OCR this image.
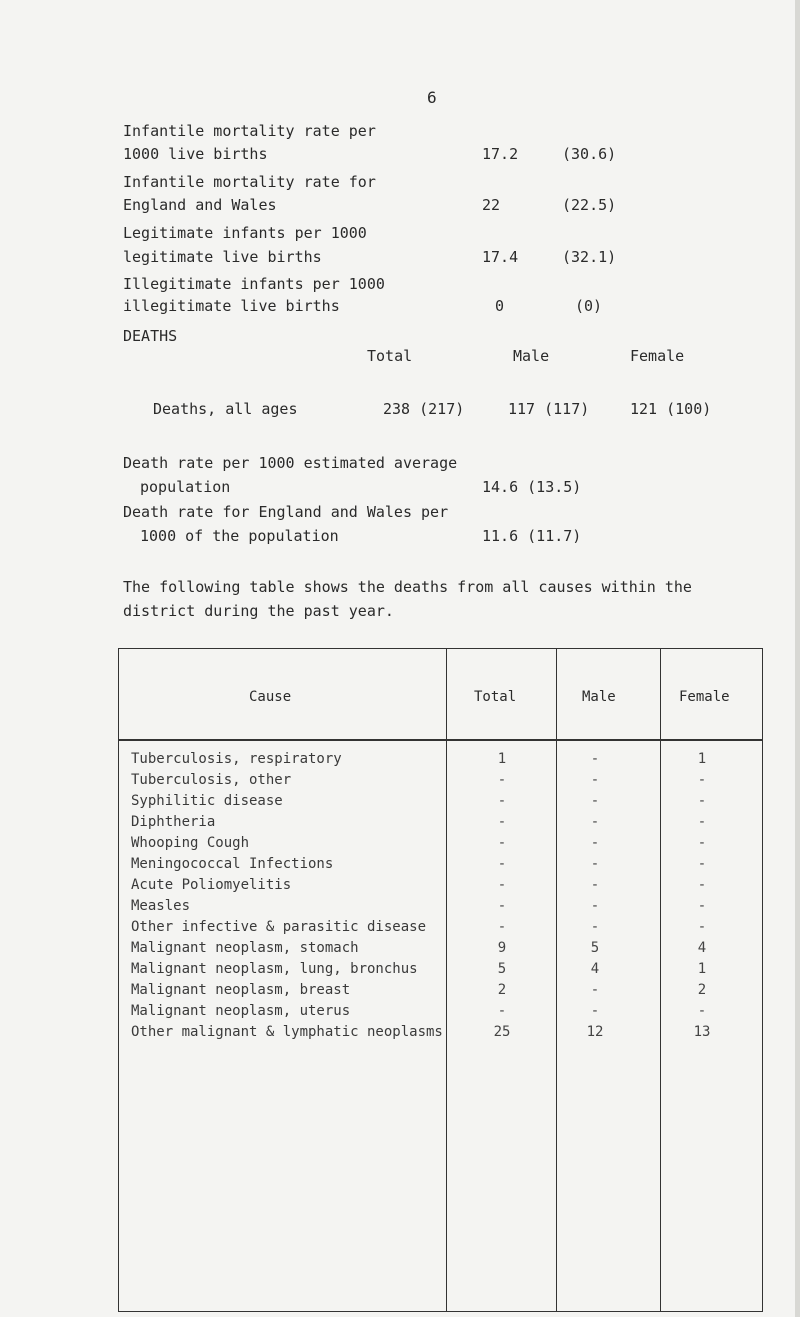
6
Infantile mortality rate per
1000 live births	17.2	(30.6)
Infantile mortality rate for
England and Wales	22	(22.5)
Legitimate infants per 1000
legitimate live births	17.4	(32.1)
Illegitimate infants per 1000
illegitimate live births	0	(0)
DEATHS
Total	Male	Female
Deaths, all ages	238 (217)	117 (117)	121 (100)
Death rate per 1000 estimated average
population	14.6 (13.5)
Death rate for England and Wales per
1000 of the population	11.6 (11.7)
The following table shows the deaths from all causes within the
district during the past year.
Cause	Total	Male	Female
Tuberculosis, respiratory	1	-	1
Tuberculosis, other	-	-	-
Syphilitic disease	-	-	-
Diphtheria	-	-	-
Whooping Cough	-	-	-
Meningococcal Infections	-	-	-
Acute Poliomyelitis	-	-	-
Measles	-	-	-
Other infective & parasitic disease	-	-	-
Malignant neoplasm, stomach	9	5	4
Malignant neoplasm, lung, bronchus	5	4	1
Malignant neoplasm, breast	2	-	2
Malignant neoplasm, uterus	-	-	-
Other malignant & lymphatic neoplasms	25	12	13
